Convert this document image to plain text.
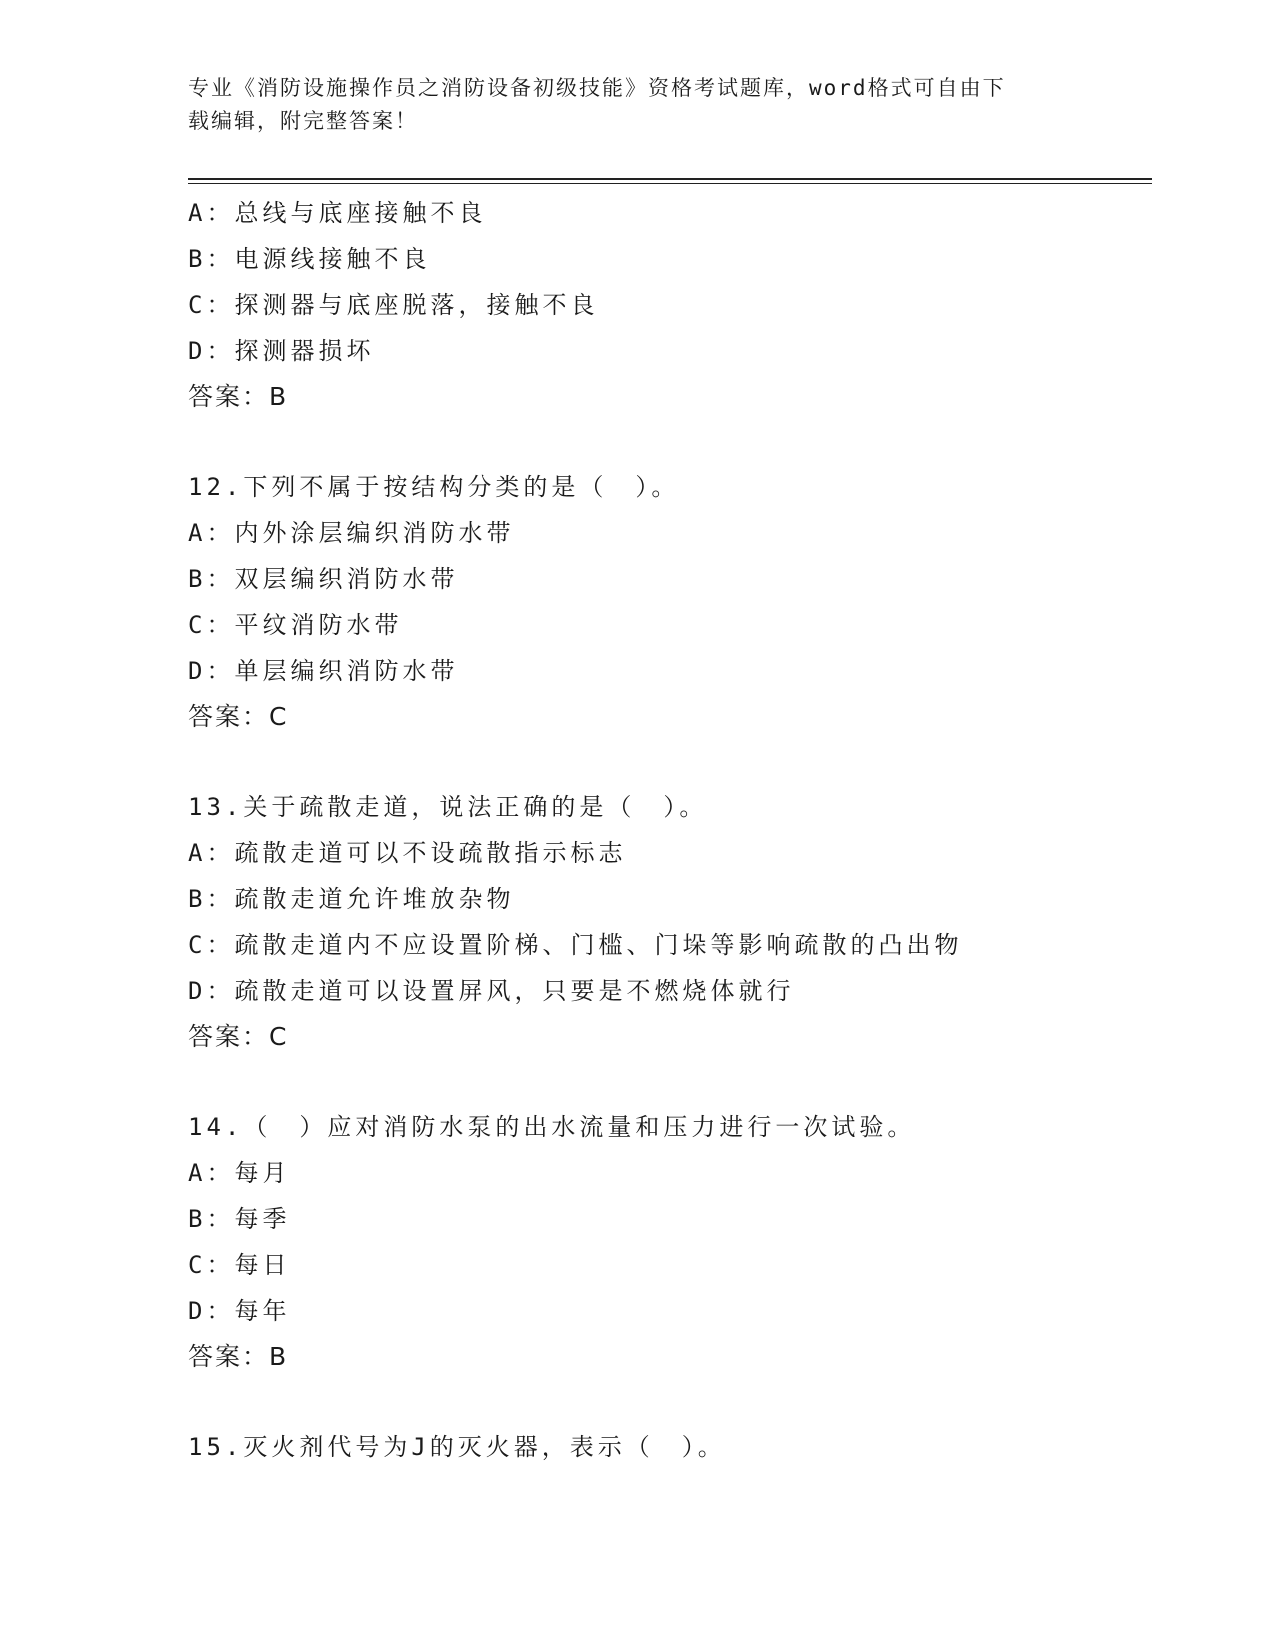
专业《消防设施操作员之消防设备初级技能》资格考试题库，word格式可自由下
载编辑，附完整答案！
A：总线与底座接触不良
B：电源线接触不良
C：探测器与底座脱落，接触不良
D：探测器损坏
答案：B
12.下列不属于按结构分类的是（　）。
A：内外涂层编织消防水带
B：双层编织消防水带
C：平纹消防水带
D：单层编织消防水带
答案：C
13.关于疏散走道，说法正确的是（　）。
A：疏散走道可以不设疏散指示标志
B：疏散走道允许堆放杂物
C：疏散走道内不应设置阶梯、门槛、门垛等影响疏散的凸出物
D：疏散走道可以设置屏风，只要是不燃烧体就行
答案：C
14.（　）应对消防水泵的出水流量和压力进行一次试验。
A：每月
B：每季
C：每日
D：每年
答案：B
15.灭火剂代号为J的灭火器，表示（　）。
